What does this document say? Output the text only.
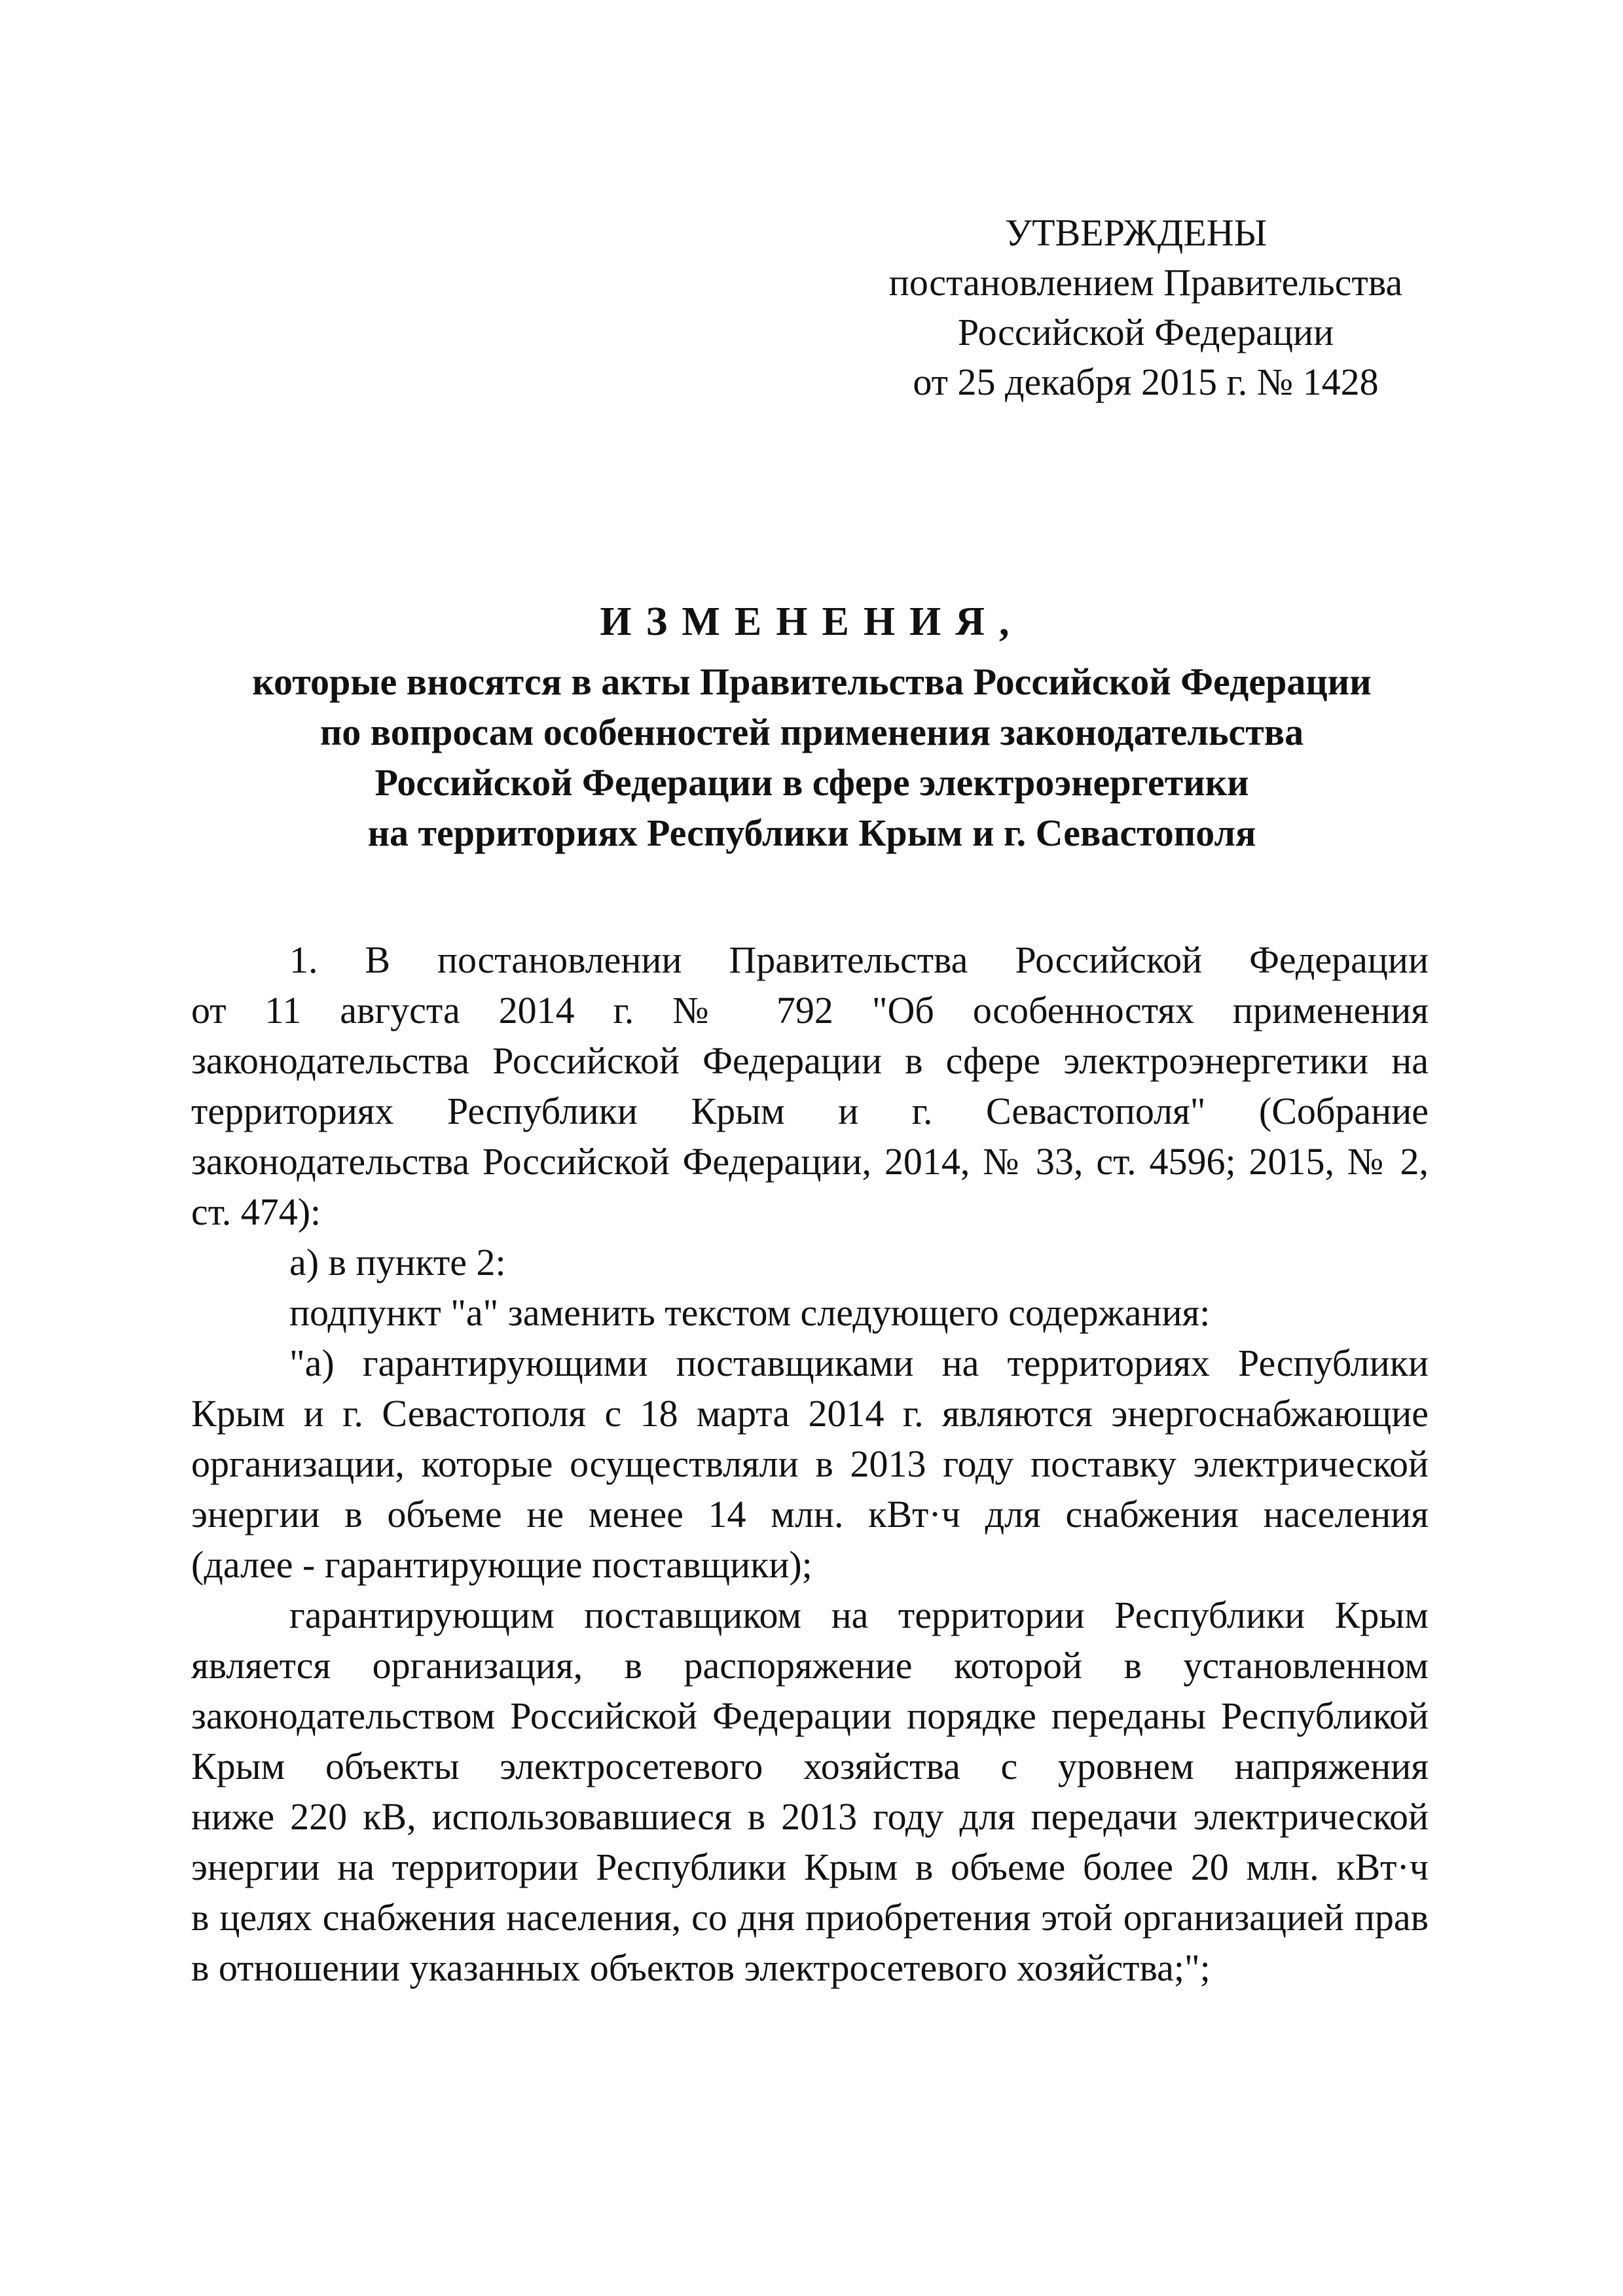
УТВЕРЖДЕНЫ
постановлением Правительства
Российской Федерации
от 25 декабря 2015 г. № 1428
ИЗМЕНЕНИЯ,
которые вносятся в акты Правительства Российской Федерации
по вопросам особенностей применения законодательства
Российской Федерации в сфере электроэнергетики
на территориях Республики Крым и г. Севастополя
1. В постановлении Правительства Российской Федерации
от 11 августа 2014 г. № 792 "Об особенностях применения
законодательства Российской Федерации в сфере электроэнергетики на
территориях Республики Крым и г. Севастополя" (Собрание
законодательства Российской Федерации, 2014, № 33, ст. 4596; 2015, № 2,
ст. 474):
а) в пункте 2:
подпункт "а" заменить текстом следующего содержания:
"а) гарантирующими поставщиками на территориях Республики
Крым и г. Севастополя с 18 марта 2014 г. являются энергоснабжающие
организации, которые осуществляли в 2013 году поставку электрической
энергии в объеме не менее 14 млн. кВт·ч для снабжения населения
(далее - гарантирующие поставщики);
гарантирующим поставщиком на территории Республики Крым
является организация, в распоряжение которой в установленном
законодательством Российской Федерации порядке переданы Республикой
Крым объекты электросетевого хозяйства с уровнем напряжения
ниже 220 кВ, использовавшиеся в 2013 году для передачи электрической
энергии на территории Республики Крым в объеме более 20 млн. кВт·ч
в целях снабжения населения, со дня приобретения этой организацией прав
в отношении указанных объектов электросетевого хозяйства;";
